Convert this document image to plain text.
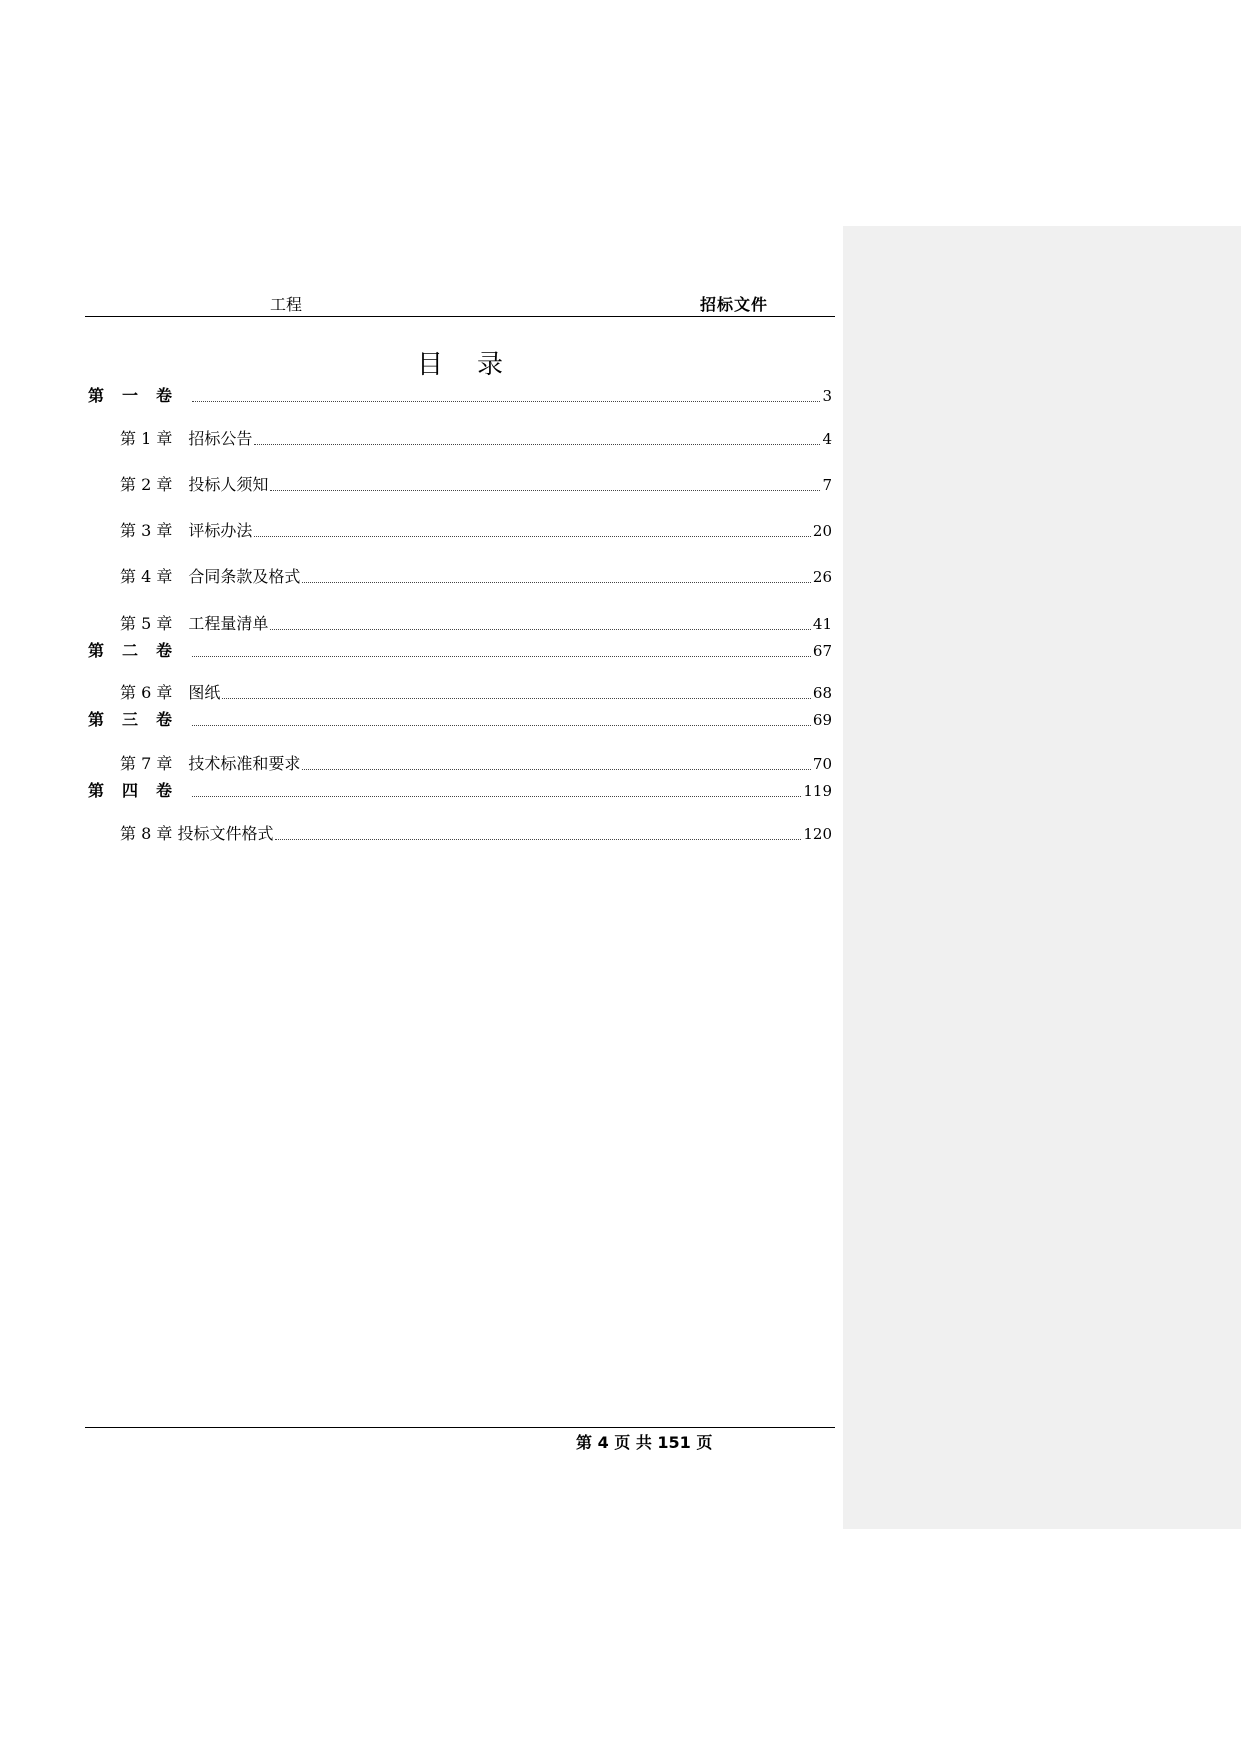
工程	招标文件
目录
第一卷	3
第 1 章　招标公告	4
第 2 章　投标人须知	7
第 3 章　评标办法	20
第 4 章　合同条款及格式	26
第 5 章　工程量清单	41
第二卷	67
第 6 章　图纸	68
第三卷	69
第 7 章　技术标准和要求	70
第四卷	119
第 8 章 投标文件格式	120
第 4 页 共 151 页
